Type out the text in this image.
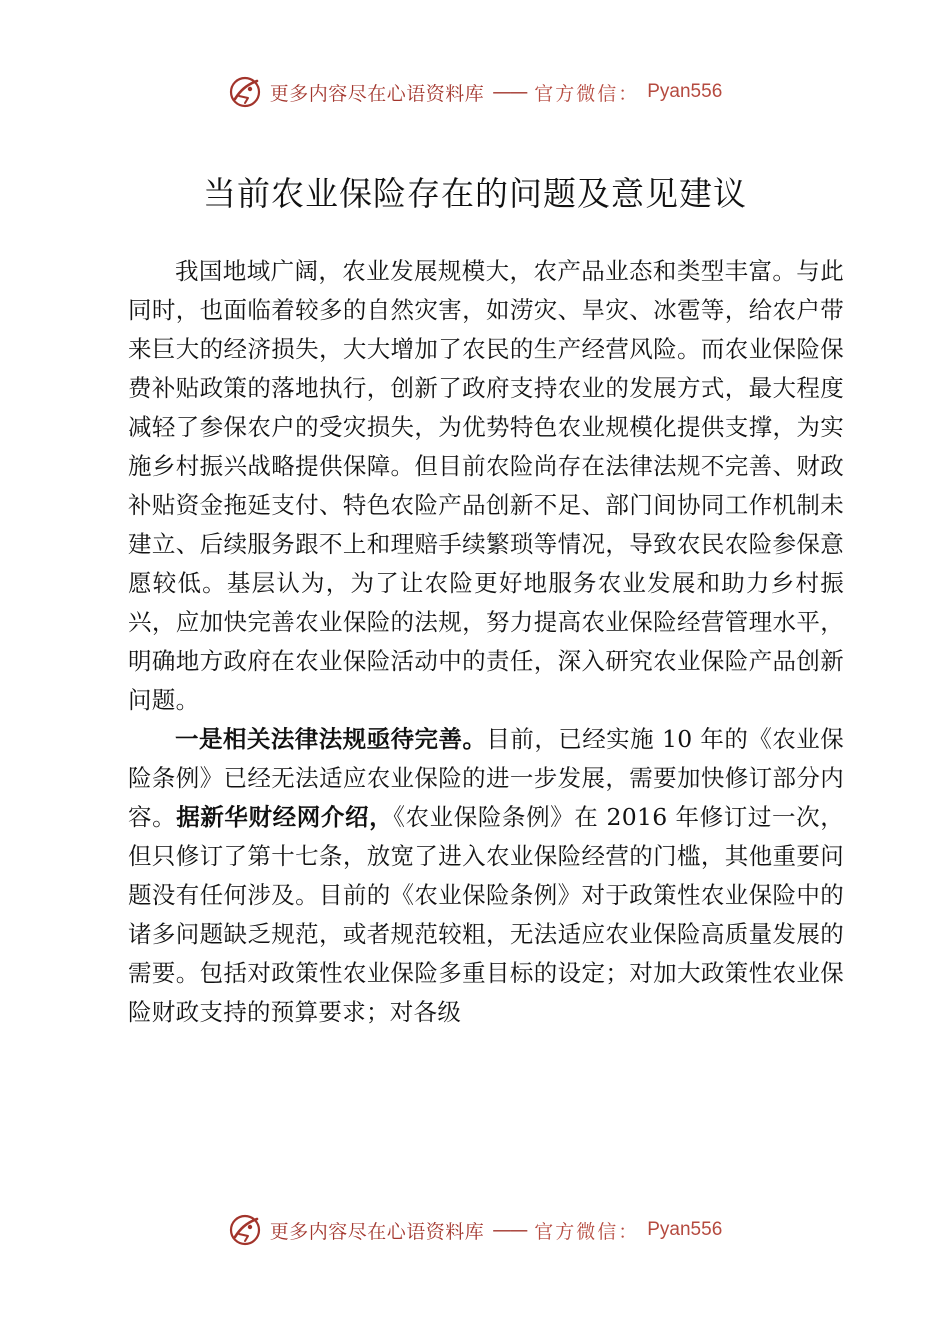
更多内容尽在心语资料库 —— 官方微信： Pyan556
当前农业保险存在的问题及意见建议

我国地域广阔，农业发展规模大，农产品业态和类型丰富。与此同时，也面临着较多的自然灾害，如涝灾、旱灾、冰雹等，给农户带来巨大的经济损失，大大增加了农民的生产经营风险。而农业保险保费补贴政策的落地执行，创新了政府支持农业的发展方式，最大程度减轻了参保农户的受灾损失，为优势特色农业规模化提供支撑，为实施乡村振兴战略提供保障。但目前农险尚存在法律法规不完善、财政补贴资金拖延支付、特色农险产品创新不足、部门间协同工作机制未建立、后续服务跟不上和理赔手续繁琐等情况，导致农民农险参保意愿较低。基层认为，为了让农险更好地服务农业发展和助力乡村振兴，应加快完善农业保险的法规，努力提高农业保险经营管理水平，明确地方政府在农业保险活动中的责任，深入研究农业保险产品创新问题。

一是相关法律法规亟待完善。目前，已经实施 10 年的《农业保险条例》已经无法适应农业保险的进一步发展，需要加快修订部分内容。据新华财经网介绍，《农业保险条例》在 2016 年修订过一次，但只修订了第十七条，放宽了进入农业保险经营的门槛，其他重要问题没有任何涉及。目前的《农业保险条例》对于政策性农业保险中的诸多问题缺乏规范，或者规范较粗，无法适应农业保险高质量发展的需要。包括对政策性农业保险多重目标的设定；对加大政策性农业保险财政支持的预算要求；对各级

更多内容尽在心语资料库 —— 官方微信： Pyan556
